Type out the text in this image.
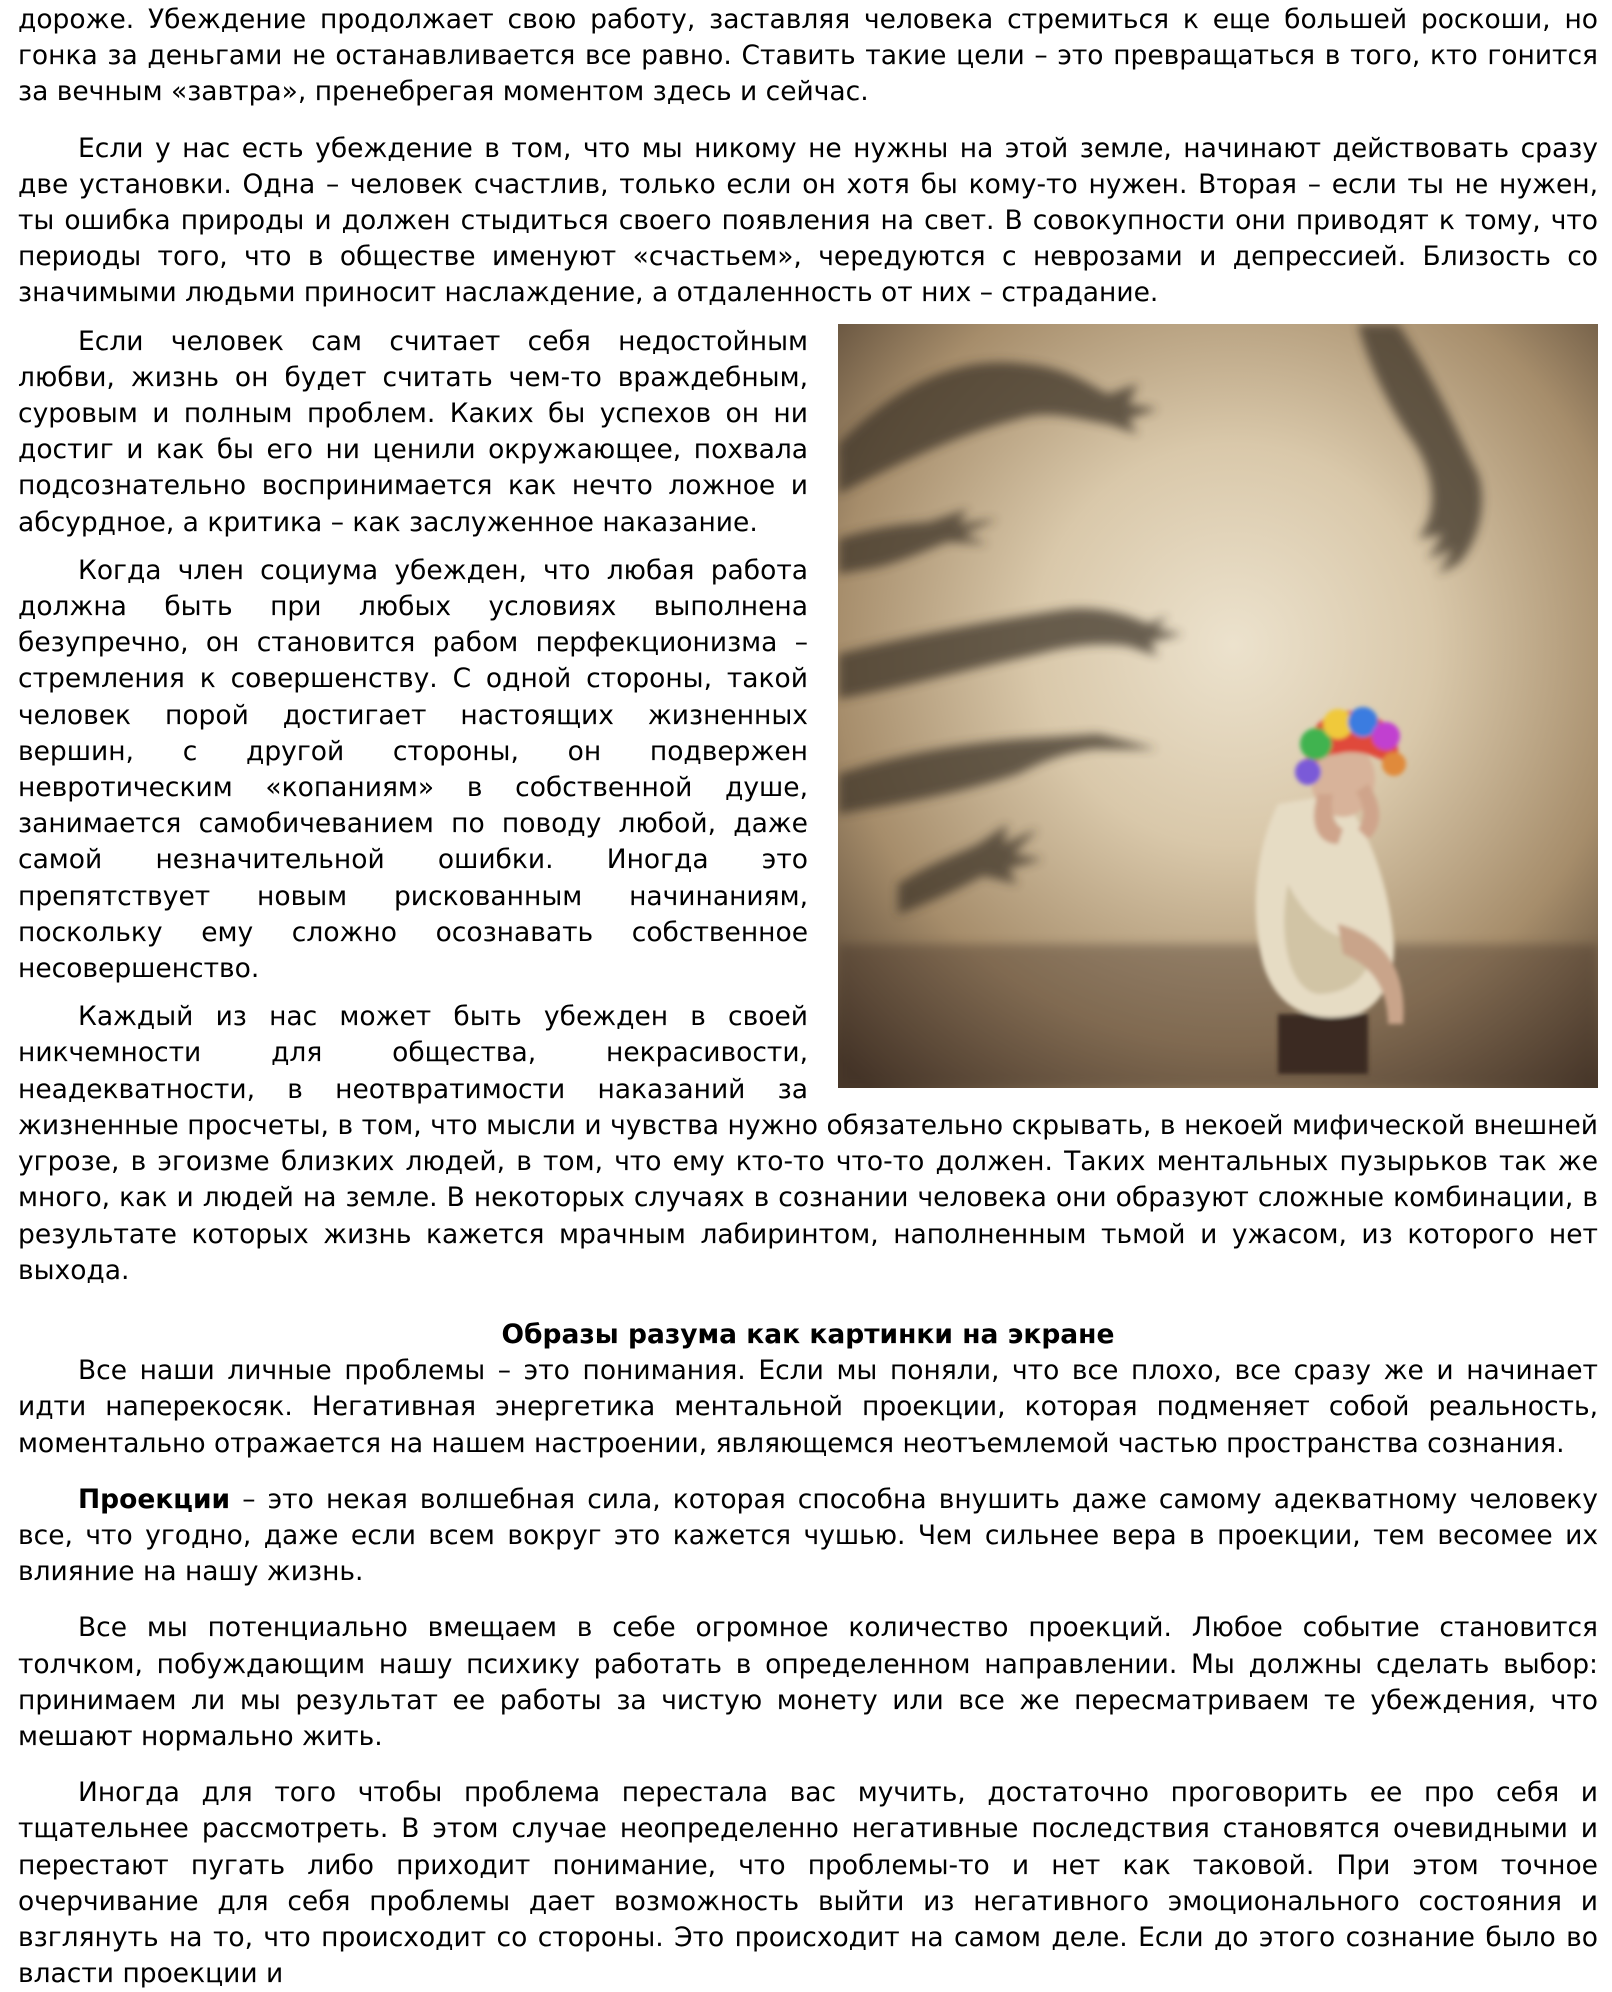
дороже. Убеждение продолжает свою работу, заставляя человека стремиться к еще большей роскоши, но гонка за деньгами не останавливается все равно. Ставить такие цели – это превращаться в того, кто гонится за вечным «завтра», пренебрегая моментом здесь и сейчас.

Если у нас есть убеждение в том, что мы никому не нужны на этой земле, начинают действовать сразу две установки. Одна – человек счастлив, только если он хотя бы кому-то нужен. Вторая – если ты не нужен, ты ошибка природы и должен стыдиться своего появления на свет. В совокупности они приводят к тому, что периоды того, что в обществе именуют «счастьем», чередуются с неврозами и депрессией. Близость со значимыми людьми приносит наслаждение, а отдаленность от них – страдание.

Если человек сам считает себя недостойным любви, жизнь он будет считать чем-то враждебным, суровым и полным проблем. Каких бы успехов он ни достиг и как бы его ни ценили окружающее, похвала подсознательно воспринимается как нечто ложное и абсурдное, а критика – как заслуженное наказание.

Когда член социума убежден, что любая работа должна быть при любых условиях выполнена безупречно, он становится рабом перфекционизма – стремления к совершенству. С одной стороны, такой человек порой достигает настоящих жизненных вершин, с другой стороны, он подвержен невротическим «копаниям» в собственной душе, занимается самобичеванием по поводу любой, даже самой незначительной ошибки. Иногда это препятствует новым рискованным начинаниям, поскольку ему сложно осознавать собственное несовершенство.

Каждый из нас может быть убежден в своей никчемности для общества, некрасивости, неадекватности, в неотвратимости наказаний за жизненные просчеты, в том, что мысли и чувства нужно обязательно скрывать, в некоей мифической внешней угрозе, в эгоизме близких людей, в том, что ему кто-то что-то должен. Таких ментальных пузырьков так же много, как и людей на земле. В некоторых случаях в сознании человека они образуют сложные комбинации, в результате которых жизнь кажется мрачным лабиринтом, наполненным тьмой и ужасом, из которого нет выхода.

Образы разума как картинки на экране

Все наши личные проблемы – это понимания. Если мы поняли, что все плохо, все сразу же и начинает идти наперекосяк. Негативная энергетика ментальной проекции, которая подменяет собой реальность, моментально отражается на нашем настроении, являющемся неотъемлемой частью пространства сознания.

Проекции – это некая волшебная сила, которая способна внушить даже самому адекватному человеку все, что угодно, даже если всем вокруг это кажется чушью. Чем сильнее вера в проекции, тем весомее их влияние на нашу жизнь.

Все мы потенциально вмещаем в себе огромное количество проекций. Любое событие становится толчком, побуждающим нашу психику работать в определенном направлении. Мы должны сделать выбор: принимаем ли мы результат ее работы за чистую монету или все же пересматриваем те убеждения, что мешают нормально жить.

Иногда для того чтобы проблема перестала вас мучить, достаточно проговорить ее про себя и тщательнее рассмотреть. В этом случае неопределенно негативные последствия становятся очевидными и перестают пугать либо приходит понимание, что проблемы-то и нет как таковой. При этом точное очерчивание для себя проблемы дает возможность выйти из негативного эмоционального состояния и взглянуть на то, что происходит со стороны. Это происходит на самом деле. Если до этого сознание было во власти проекции и
